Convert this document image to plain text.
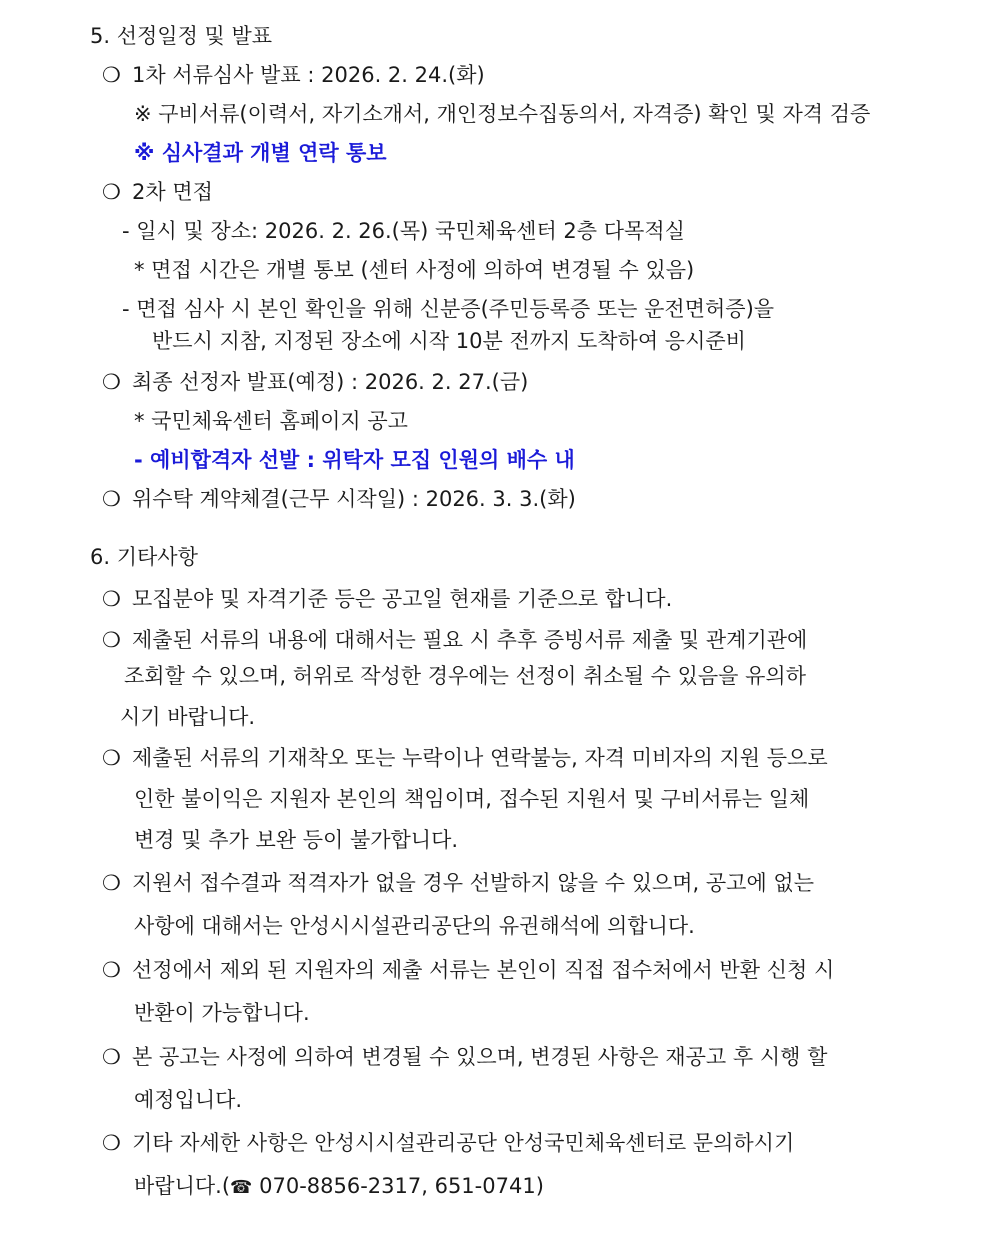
5. 선정일정 및 발표
❍ 1차 서류심사 발표 : 2026. 2. 24.(화)
※ 구비서류(이력서, 자기소개서, 개인정보수집동의서, 자격증) 확인 및 자격 검증
※ 심사결과 개별 연락 통보
❍ 2차 면접
- 일시 및 장소: 2026. 2. 26.(목) 국민체육센터 2층 다목적실
* 면접 시간은 개별 통보 (센터 사정에 의하여 변경될 수 있음)
- 면접 심사 시 본인 확인을 위해 신분증(주민등록증 또는 운전면허증)을
반드시 지참, 지정된 장소에 시작 10분 전까지 도착하여 응시준비
❍ 최종 선정자 발표(예정) : 2026. 2. 27.(금)
* 국민체육센터 홈페이지 공고
- 예비합격자 선발 : 위탁자 모집 인원의 배수 내
❍ 위수탁 계약체결(근무 시작일) : 2026. 3. 3.(화)
6. 기타사항
❍ 모집분야 및 자격기준 등은 공고일 현재를 기준으로 합니다.
❍ 제출된 서류의 내용에 대해서는 필요 시 추후 증빙서류 제출 및 관계기관에
조회할 수 있으며, 허위로 작성한 경우에는 선정이 취소될 수 있음을 유의하
시기 바랍니다.
❍ 제출된 서류의 기재착오 또는 누락이나 연락불능, 자격 미비자의 지원 등으로
인한 불이익은 지원자 본인의 책임이며, 접수된 지원서 및 구비서류는 일체
변경 및 추가 보완 등이 불가합니다.
❍ 지원서 접수결과 적격자가 없을 경우 선발하지 않을 수 있으며, 공고에 없는
사항에 대해서는 안성시시설관리공단의 유권해석에 의합니다.
❍ 선정에서 제외 된 지원자의 제출 서류는 본인이 직접 접수처에서 반환 신청 시
반환이 가능합니다.
❍ 본 공고는 사정에 의하여 변경될 수 있으며, 변경된 사항은 재공고 후 시행 할
예정입니다.
❍ 기타 자세한 사항은 안성시시설관리공단 안성국민체육센터로 문의하시기
바랍니다.(☎ 070-8856-2317, 651-0741)
